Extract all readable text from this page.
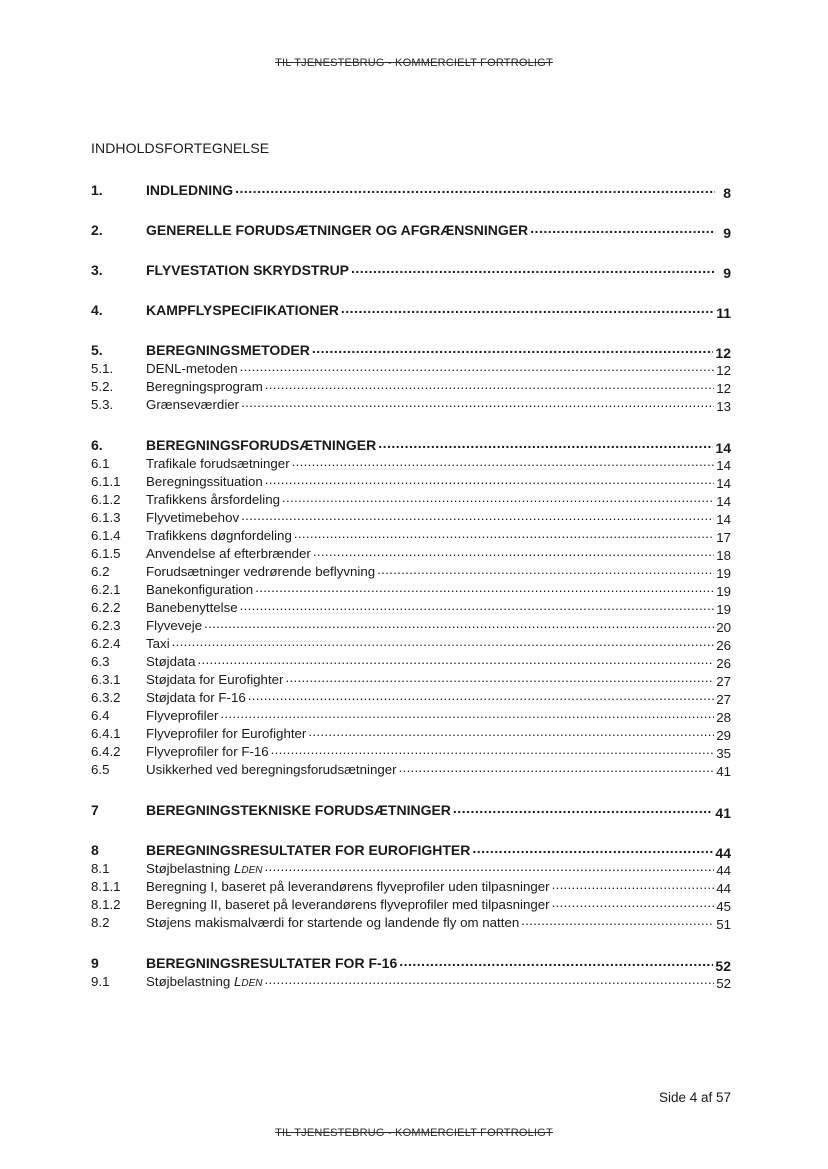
TIL TJENESTEBRUG - KOMMERCIELT FORTROLIGT
INDHOLDSFORTEGNELSE
1.	INDLEDNING .....	8
2.	GENERELLE FORUDSÆTNINGER OG AFGRÆNSNINGER .....	9
3.	FLYVESTATION SKRYDSTRUP .....	9
4.	KAMPFLYSPECIFIKATIONER .....	11
5.	BEREGNINGSMETODER .....	12
5.1.	DENL-metoden .....	12
5.2.	Beregningsprogram .....	12
5.3.	Grænseværdier .....	13
6.	BEREGNINGSFORUDSÆTNINGER .....	14
6.1	Trafikale forudsætninger .....	14
6.1.1	Beregningssituation .....	14
6.1.2	Trafikkens årsfordeling .....	14
6.1.3	Flyvetimebehov .....	14
6.1.4	Trafikkens døgnfordeling .....	17
6.1.5	Anvendelse af efterbrænder .....	18
6.2	Forudsætninger vedrørende beflyvning .....	19
6.2.1	Banekonfiguration .....	19
6.2.2	Banebenyttelse .....	19
6.2.3	Flyveveje .....	20
6.2.4	Taxi .....	26
6.3	Støjdata .....	26
6.3.1	Støjdata for Eurofighter .....	27
6.3.2	Støjdata for F-16 .....	27
6.4	Flyveprofiler .....	28
6.4.1	Flyveprofiler for Eurofighter .....	29
6.4.2	Flyveprofiler for F-16 .....	35
6.5	Usikkerhed ved beregningsforudsætninger .....	41
7	BEREGNINGSTEKNISKE FORUDSÆTNINGER .....	41
8	BEREGNINGSRESULTATER FOR EUROFIGHTER .....	44
8.1	Støjbelastning LDEN .....	44
8.1.1	Beregning I, baseret på leverandørens flyveprofiler uden tilpasninger .....	44
8.1.2	Beregning II, baseret på leverandørens flyveprofiler med tilpasninger .....	45
8.2	Støjens makismalværdi for startende og landende fly om natten .....	51
9	BEREGNINGSRESULTATER FOR F-16 .....	52
9.1	Støjbelastning LDEN .....	52
Side 4 af 57
TIL TJENESTEBRUG - KOMMERCIELT FORTROLIGT
